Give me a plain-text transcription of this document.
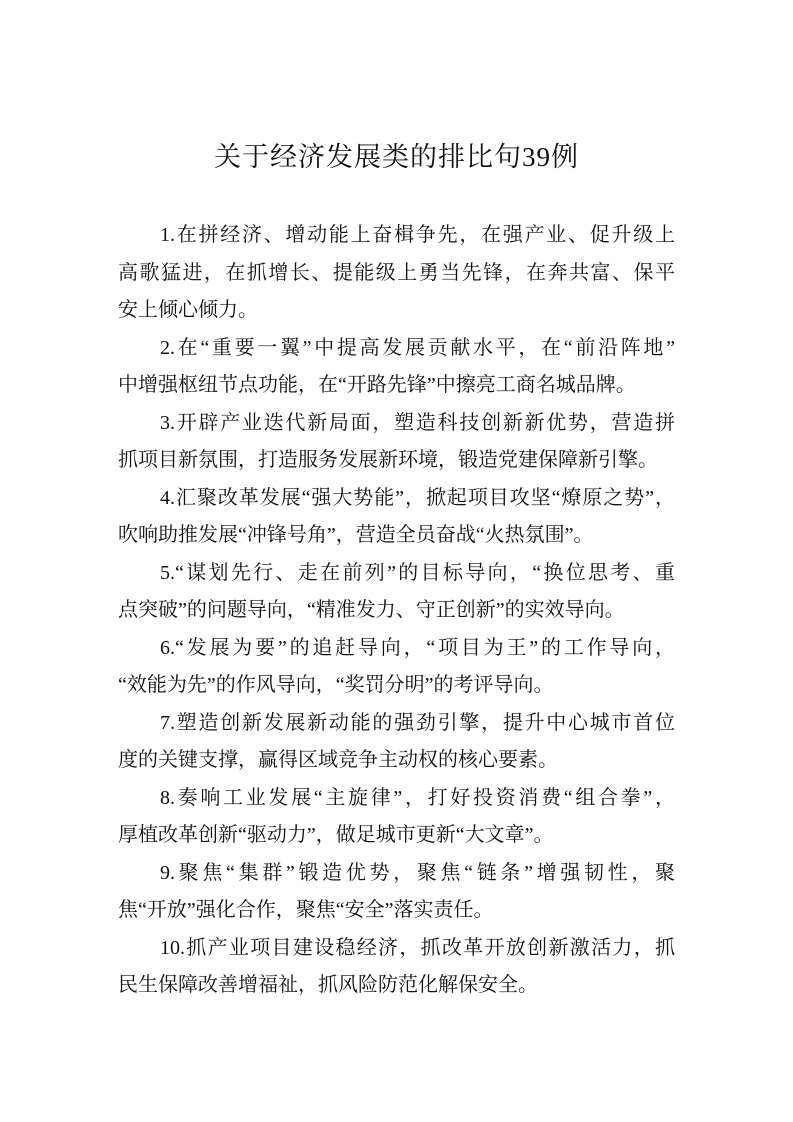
关于经济发展类的排比句39例
1.在拼经济、增动能上奋楫争先，在强产业、促升级上
高歌猛进，在抓增长、提能级上勇当先锋，在奔共富、保平
安上倾心倾力。
2.在“重要一翼”中提高发展贡献水平，在“前沿阵地”
中增强枢纽节点功能，在“开路先锋”中擦亮工商名城品牌。
3.开辟产业迭代新局面，塑造科技创新新优势，营造拼
抓项目新氛围，打造服务发展新环境，锻造党建保障新引擎。
4.汇聚改革发展“强大势能”，掀起项目攻坚“燎原之势”，
吹响助推发展“冲锋号角”，营造全员奋战“火热氛围”。
5.“谋划先行、走在前列”的目标导向，“换位思考、重
点突破”的问题导向，“精准发力、守正创新”的实效导向。
6.“发展为要”的追赶导向，“项目为王”的工作导向，
“效能为先”的作风导向，“奖罚分明”的考评导向。
7.塑造创新发展新动能的强劲引擎，提升中心城市首位
度的关键支撑，赢得区域竞争主动权的核心要素。
8.奏响工业发展“主旋律”，打好投资消费“组合拳”，
厚植改革创新“驱动力”，做足城市更新“大文章”。
9.聚焦“集群”锻造优势，聚焦“链条”增强韧性，聚
焦“开放”强化合作，聚焦“安全”落实责任。
10.抓产业项目建设稳经济，抓改革开放创新激活力，抓
民生保障改善增福祉，抓风险防范化解保安全。
